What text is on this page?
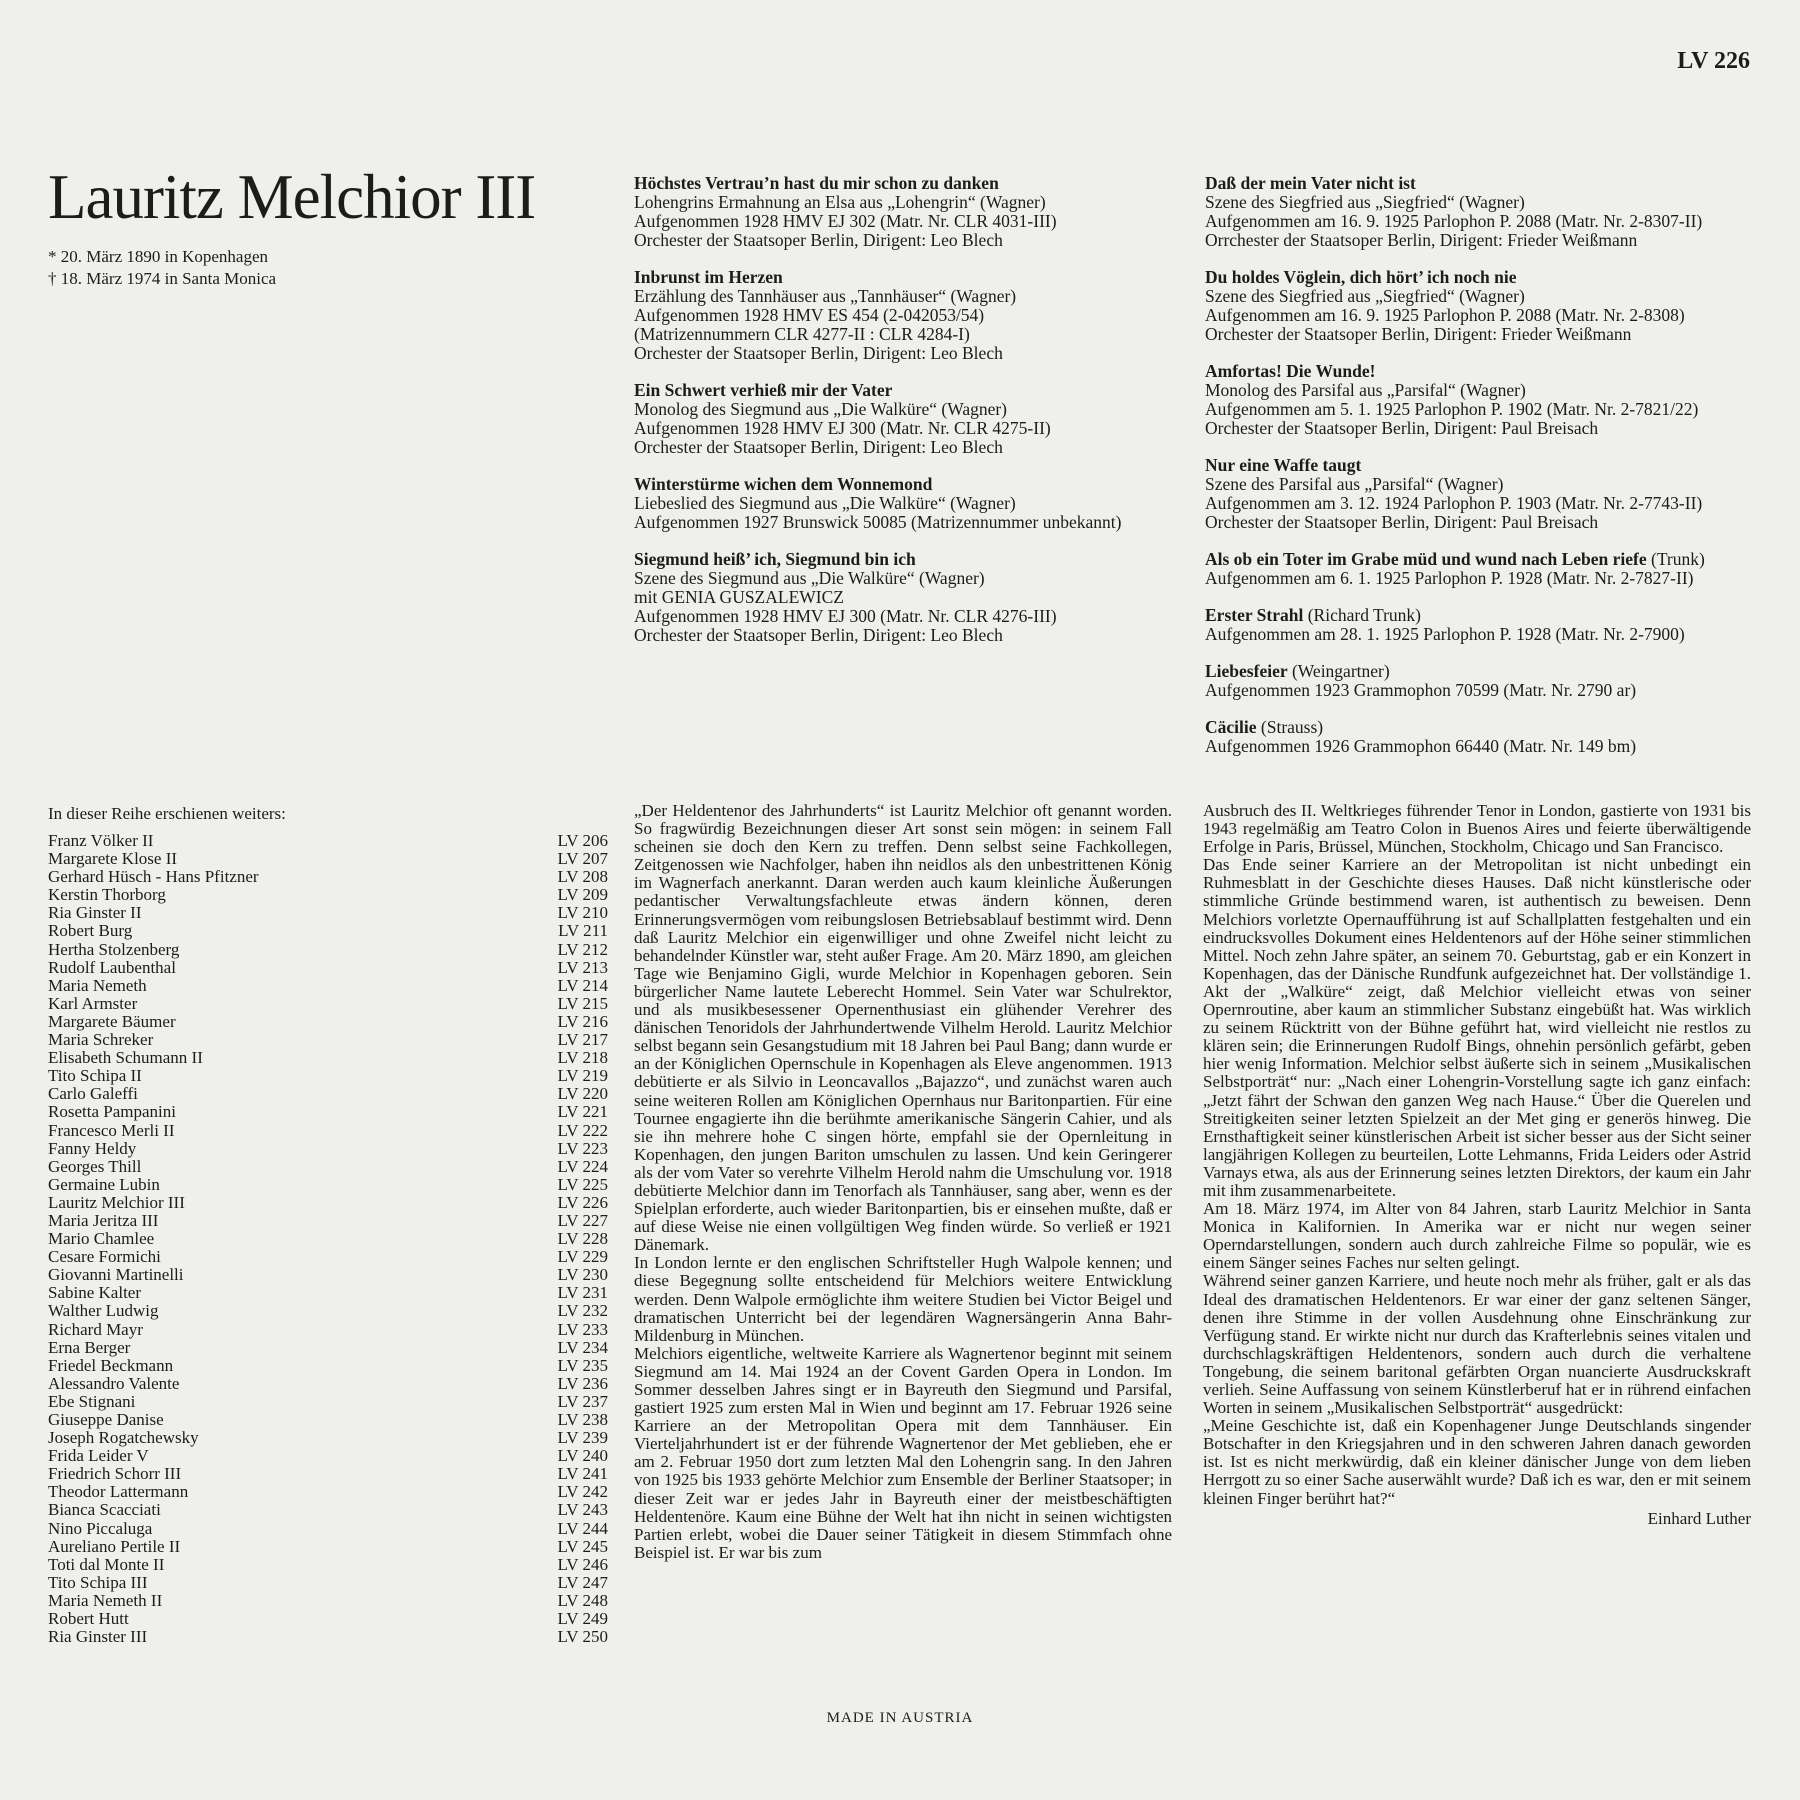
LV 226
Lauritz Melchior III

* 20. März 1890 in Kopenhagen

† 18. März 1974 in Santa Monica

Höchstes Vertrau’n hast du mir schon zu danken

Lohengrins Ermahnung an Elsa aus „Lohengrin“ (Wagner)

Aufgenommen 1928 HMV EJ 302 (Matr. Nr. CLR 4031-III)

Orchester der Staatsoper Berlin, Dirigent: Leo Blech

Inbrunst im Herzen

Erzählung des Tannhäuser aus „Tannhäuser“ (Wagner)

Aufgenommen 1928 HMV ES 454 (2-042053/54)

(Matrizennummern CLR 4277-II : CLR 4284-I)

Orchester der Staatsoper Berlin, Dirigent: Leo Blech

Ein Schwert verhieß mir der Vater

Monolog des Siegmund aus „Die Walküre“ (Wagner)

Aufgenommen 1928 HMV EJ 300 (Matr. Nr. CLR 4275-II)

Orchester der Staatsoper Berlin, Dirigent: Leo Blech

Winterstürme wichen dem Wonnemond

Liebeslied des Siegmund aus „Die Walküre“ (Wagner)

Aufgenommen 1927 Brunswick 50085 (Matrizennummer unbekannt)

Siegmund heiß’ ich, Siegmund bin ich

Szene des Siegmund aus „Die Walküre“ (Wagner)

mit GENIA GUSZALEWICZ

Aufgenommen 1928 HMV EJ 300 (Matr. Nr. CLR 4276-III)

Orchester der Staatsoper Berlin, Dirigent: Leo Blech

Daß der mein Vater nicht ist

Szene des Siegfried aus „Siegfried“ (Wagner)

Aufgenommen am 16. 9. 1925 Parlophon P. 2088 (Matr. Nr. 2-8307-II)

Orrchester der Staatsoper Berlin, Dirigent: Frieder Weißmann

Du holdes Vöglein, dich hört’ ich noch nie

Szene des Siegfried aus „Siegfried“ (Wagner)

Aufgenommen am 16. 9. 1925 Parlophon P. 2088 (Matr. Nr. 2-8308)

Orchester der Staatsoper Berlin, Dirigent: Frieder Weißmann

Amfortas! Die Wunde!

Monolog des Parsifal aus „Parsifal“ (Wagner)

Aufgenommen am 5. 1. 1925 Parlophon P. 1902 (Matr. Nr. 2-7821/22)

Orchester der Staatsoper Berlin, Dirigent: Paul Breisach

Nur eine Waffe taugt

Szene des Parsifal aus „Parsifal“ (Wagner)

Aufgenommen am 3. 12. 1924 Parlophon P. 1903 (Matr. Nr. 2-7743-II)

Orchester der Staatsoper Berlin, Dirigent: Paul Breisach

Als ob ein Toter im Grabe müd und wund nach Leben riefe (Trunk)

Aufgenommen am 6. 1. 1925 Parlophon P. 1928 (Matr. Nr. 2-7827-II)

Erster Strahl (Richard Trunk)

Aufgenommen am 28. 1. 1925 Parlophon P. 1928 (Matr. Nr. 2-7900)

Liebesfeier (Weingartner)

Aufgenommen 1923 Grammophon 70599 (Matr. Nr. 2790 ar)

Cäcilie (Strauss)

Aufgenommen 1926 Grammophon 66440 (Matr. Nr. 149 bm)

In dieser Reihe erschienen weiters:

Franz Völker II	LV 206
Margarete Klose II	LV 207
Gerhard Hüsch - Hans Pfitzner	LV 208
Kerstin Thorborg	LV 209
Ria Ginster II	LV 210
Robert Burg	LV 211
Hertha Stolzenberg	LV 212
Rudolf Laubenthal	LV 213
Maria Nemeth	LV 214
Karl Armster	LV 215
Margarete Bäumer	LV 216
Maria Schreker	LV 217
Elisabeth Schumann II	LV 218
Tito Schipa II	LV 219
Carlo Galeffi	LV 220
Rosetta Pampanini	LV 221
Francesco Merli II	LV 222
Fanny Heldy	LV 223
Georges Thill	LV 224
Germaine Lubin	LV 225
Lauritz Melchior III	LV 226
Maria Jeritza III	LV 227
Mario Chamlee	LV 228
Cesare Formichi	LV 229
Giovanni Martinelli	LV 230
Sabine Kalter	LV 231
Walther Ludwig	LV 232
Richard Mayr	LV 233
Erna Berger	LV 234
Friedel Beckmann	LV 235
Alessandro Valente	LV 236
Ebe Stignani	LV 237
Giuseppe Danise	LV 238
Joseph Rogatchewsky	LV 239
Frida Leider V	LV 240
Friedrich Schorr III	LV 241
Theodor Lattermann	LV 242
Bianca Scacciati	LV 243
Nino Piccaluga	LV 244
Aureliano Pertile II	LV 245
Toti dal Monte II	LV 246
Tito Schipa III	LV 247
Maria Nemeth II	LV 248
Robert Hutt	LV 249
Ria Ginster III	LV 250

„Der Heldentenor des Jahrhunderts“ ist Lauritz Melchior oft genannt worden. So fragwürdig Bezeichnungen dieser Art sonst sein mögen: in seinem Fall scheinen sie doch den Kern zu treffen. Denn selbst seine Fachkollegen, Zeitgenossen wie Nachfolger, haben ihn neidlos als den unbestrittenen König im Wagnerfach anerkannt. Daran werden auch kaum kleinliche Äußerungen pedantischer Verwaltungsfachleute etwas ändern können, deren Erinnerungsvermögen vom reibungslosen Betriebsablauf bestimmt wird. Denn daß Lauritz Melchior ein eigenwilliger und ohne Zweifel nicht leicht zu behandelnder Künstler war, steht außer Frage. Am 20. März 1890, am gleichen Tage wie Benjamino Gigli, wurde Melchior in Kopenhagen geboren. Sein bürgerlicher Name lautete Leberecht Hommel. Sein Vater war Schulrektor, und als musikbesessener Opernenthusiast ein glühender Verehrer des dänischen Tenoridols der Jahrhundertwende Vilhelm Herold. Lauritz Melchior selbst begann sein Gesangstudium mit 18 Jahren bei Paul Bang; dann wurde er an der Königlichen Opernschule in Kopenhagen als Eleve angenommen. 1913 debütierte er als Silvio in Leoncavallos „Bajazzo“, und zunächst waren auch seine weiteren Rollen am Königlichen Opernhaus nur Baritonpartien. Für eine Tournee engagierte ihn die berühmte amerikanische Sängerin Cahier, und als sie ihn mehrere hohe C singen hörte, empfahl sie der Opernleitung in Kopenhagen, den jungen Bariton umschulen zu lassen. Und kein Geringerer als der vom Vater so verehrte Vilhelm Herold nahm die Umschulung vor. 1918 debütierte Melchior dann im Tenorfach als Tannhäuser, sang aber, wenn es der Spielplan erforderte, auch wieder Baritonpartien, bis er einsehen mußte, daß er auf diese Weise nie einen vollgültigen Weg finden würde. So verließ er 1921 Dänemark.

In London lernte er den englischen Schriftsteller Hugh Walpole kennen; und diese Begegnung sollte entscheidend für Melchiors weitere Entwicklung werden. Denn Walpole ermöglichte ihm weitere Studien bei Victor Beigel und dramatischen Unterricht bei der legendären Wagnersängerin Anna Bahr-Mildenburg in München.

Melchiors eigentliche, weltweite Karriere als Wagnertenor beginnt mit seinem Siegmund am 14. Mai 1924 an der Covent Garden Opera in London. Im Sommer desselben Jahres singt er in Bayreuth den Siegmund und Parsifal, gastiert 1925 zum ersten Mal in Wien und beginnt am 17. Februar 1926 seine Karriere an der Metropolitan Opera mit dem Tannhäuser. Ein Vierteljahrhundert ist er der führende Wagnertenor der Met geblieben, ehe er am 2. Februar 1950 dort zum letzten Mal den Lohengrin sang. In den Jahren von 1925 bis 1933 gehörte Melchior zum Ensemble der Berliner Staatsoper; in dieser Zeit war er jedes Jahr in Bayreuth einer der meistbeschäftigten Heldentenöre. Kaum eine Bühne der Welt hat ihn nicht in seinen wichtigsten Partien erlebt, wobei die Dauer seiner Tätigkeit in diesem Stimmfach ohne Beispiel ist. Er war bis zum

Ausbruch des II. Weltkrieges führender Tenor in London, gastierte von 1931 bis 1943 regelmäßig am Teatro Colon in Buenos Aires und feierte überwältigende Erfolge in Paris, Brüssel, München, Stockholm, Chicago und San Francisco.

Das Ende seiner Karriere an der Metropolitan ist nicht unbedingt ein Ruhmesblatt in der Geschichte dieses Hauses. Daß nicht künstlerische oder stimmliche Gründe bestimmend waren, ist authentisch zu beweisen. Denn Melchiors vorletzte Opernaufführung ist auf Schallplatten festgehalten und ein eindrucksvolles Dokument eines Heldentenors auf der Höhe seiner stimmlichen Mittel. Noch zehn Jahre später, an seinem 70. Geburtstag, gab er ein Konzert in Kopenhagen, das der Dänische Rundfunk aufgezeichnet hat. Der vollständige 1. Akt der „Walküre“ zeigt, daß Melchior vielleicht etwas von seiner Opernroutine, aber kaum an stimmlicher Substanz eingebüßt hat. Was wirklich zu seinem Rücktritt von der Bühne geführt hat, wird vielleicht nie restlos zu klären sein; die Erinnerungen Rudolf Bings, ohnehin persönlich gefärbt, geben hier wenig Information. Melchior selbst äußerte sich in seinem „Musikalischen Selbstporträt“ nur: „Nach einer Lohengrin-Vorstellung sagte ich ganz einfach: „Jetzt fährt der Schwan den ganzen Weg nach Hause.“ Über die Querelen und Streitigkeiten seiner letzten Spielzeit an der Met ging er generös hinweg. Die Ernsthaftigkeit seiner künstlerischen Arbeit ist sicher besser aus der Sicht seiner langjährigen Kollegen zu beurteilen, Lotte Lehmanns, Frida Leiders oder Astrid Varnays etwa, als aus der Erinnerung seines letzten Direktors, der kaum ein Jahr mit ihm zusammenarbeitete.

Am 18. März 1974, im Alter von 84 Jahren, starb Lauritz Melchior in Santa Monica in Kalifornien. In Amerika war er nicht nur wegen seiner Operndarstellungen, sondern auch durch zahlreiche Filme so populär, wie es einem Sänger seines Faches nur selten gelingt.

Während seiner ganzen Karriere, und heute noch mehr als früher, galt er als das Ideal des dramatischen Heldentenors. Er war einer der ganz seltenen Sänger, denen ihre Stimme in der vollen Ausdehnung ohne Einschränkung zur Verfügung stand. Er wirkte nicht nur durch das Krafterlebnis seines vitalen und durchschlagskräftigen Heldentenors, sondern auch durch die verhaltene Tongebung, die seinem baritonal gefärbten Organ nuancierte Ausdruckskraft verlieh. Seine Auffassung von seinem Künstlerberuf hat er in rührend einfachen Worten in seinem „Musikalischen Selbstporträt“ ausgedrückt:

„Meine Geschichte ist, daß ein Kopenhagener Junge Deutschlands singender Botschafter in den Kriegsjahren und in den schweren Jahren danach geworden ist. Ist es nicht merkwürdig, daß ein kleiner dänischer Junge von dem lieben Herrgott zu so einer Sache auserwählt wurde? Daß ich es war, den er mit seinem kleinen Finger berührt hat?“

Einhard Luther

MADE IN AUSTRIA
